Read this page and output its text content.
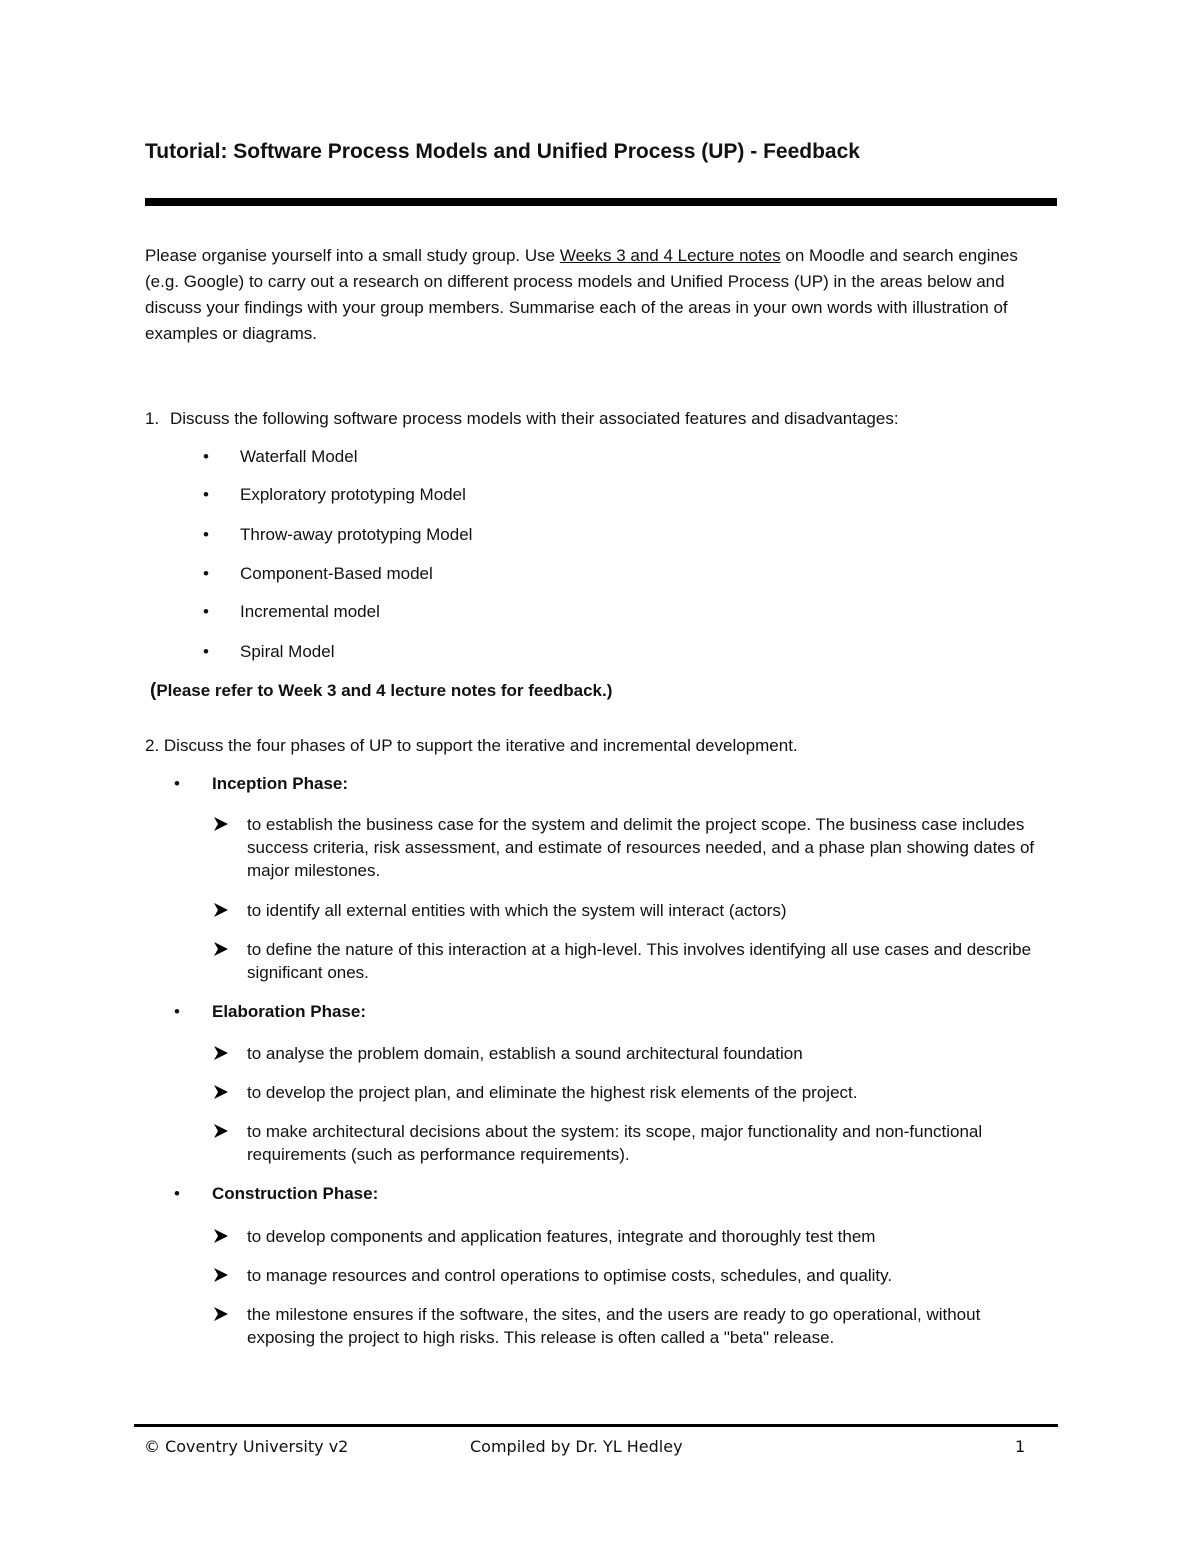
Tutorial: Software Process Models and Unified Process (UP) - Feedback
Please organise yourself into a small study group. Use Weeks 3 and 4 Lecture notes on Moodle and search engines (e.g. Google) to carry out a research on different process models and Unified Process (UP) in the areas below and discuss your findings with your group members. Summarise each of the areas in your own words with illustration of examples or diagrams.
1. Discuss the following software process models with their associated features and disadvantages:
• Waterfall Model
• Exploratory prototyping Model
• Throw-away prototyping Model
• Component-Based model
• Incremental model
• Spiral Model
(Please refer to Week 3 and 4 lecture notes for feedback.)
2. Discuss the four phases of UP to support the iterative and incremental development.
• Inception Phase:
to establish the business case for the system and delimit the project scope. The business case includes success criteria, risk assessment, and estimate of resources needed, and a phase plan showing dates of major milestones.
to identify all external entities with which the system will interact (actors)
to define the nature of this interaction at a high-level. This involves identifying all use cases and describe significant ones.
• Elaboration Phase:
to analyse the problem domain, establish a sound architectural foundation
to develop the project plan, and eliminate the highest risk elements of the project.
to make architectural decisions about the system: its scope, major functionality and non-functional requirements (such as performance requirements).
• Construction Phase:
to develop components and application features, integrate and thoroughly test them
to manage resources and control operations to optimise costs, schedules, and quality.
the milestone ensures if the software, the sites, and the users are ready to go operational, without exposing the project to high risks. This release is often called a "beta" release.
© Coventry University v2	Compiled by Dr. YL Hedley	1
